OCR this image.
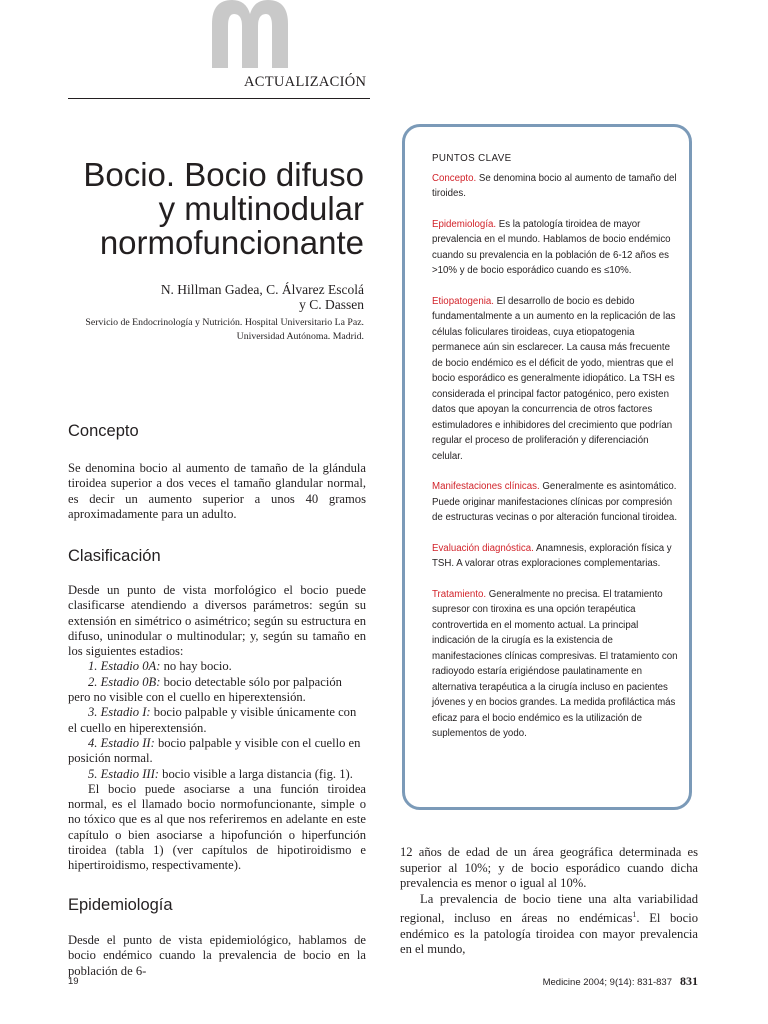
ACTUALIZACIÓN
Bocio. Bocio difuso
y multinodular
normofuncionante
N. Hillman Gadea, C. Álvarez Escolá
y C. Dassen
Servicio de Endocrinología y Nutrición. Hospital Universitario La Paz.
Universidad Autónoma. Madrid.
Concepto

Se denomina bocio al aumento de tamaño de la glándula tiroidea superior a dos veces el tamaño glandular normal, es decir un aumento superior a unos 40 gramos aproximadamente para un adulto.

Clasificación

Desde un punto de vista morfológico el bocio puede clasificarse atendiendo a diversos parámetros: según su extensión en simétrico o asimétrico; según su estructura en difuso, uninodular o multinodular; y, según su tamaño en los siguientes estadios:

1. Estadio 0A: no hay bocio.

2. Estadio 0B: bocio detectable sólo por palpación pero no visible con el cuello en hiperextensión.

3. Estadio I: bocio palpable y visible únicamente con el cuello en hiperextensión.

4. Estadio II: bocio palpable y visible con el cuello en posición normal.

5. Estadio III: bocio visible a larga distancia (fig. 1).

El bocio puede asociarse a una función tiroidea normal, es el llamado bocio normofuncionante, simple o no tóxico que es al que nos referiremos en adelante en este capítulo o bien asociarse a hipofunción o hiperfunción tiroidea (tabla 1) (ver capítulos de hipotiroidismo e hipertiroidismo, respectivamente).

Epidemiología

Desde el punto de vista epidemiológico, hablamos de bocio endémico cuando la prevalencia de bocio en la población de 6-

PUNTOS CLAVE

Concepto. Se denomina bocio al aumento de tamaño del tiroides.

Epidemiología. Es la patología tiroidea de mayor prevalencia en el mundo. Hablamos de bocio endémico cuando su prevalencia en la población de 6-12 años es >10% y de bocio esporádico cuando es ≤10%.

Etiopatogenia. El desarrollo de bocio es debido fundamentalmente a un aumento en la replicación de las células foliculares tiroideas, cuya etiopatogenia permanece aún sin esclarecer. La causa más frecuente de bocio endémico es el déficit de yodo, mientras que el bocio esporádico es generalmente idiopático. La TSH es considerada el principal factor patogénico, pero existen datos que apoyan la concurrencia de otros factores estimuladores e inhibidores del crecimiento que podrían regular el proceso de proliferación y diferenciación celular.

Manifestaciones clínicas. Generalmente es asintomático. Puede originar manifestaciones clínicas por compresión de estructuras vecinas o por alteración funcional tiroidea.

Evaluación diagnóstica. Anamnesis, exploración física y TSH. A valorar otras exploraciones complementarias.

Tratamiento. Generalmente no precisa. El tratamiento supresor con tiroxina es una opción terapéutica controvertida en el momento actual. La principal indicación de la cirugía es la existencia de manifestaciones clínicas compresivas. El tratamiento con radioyodo estaría erigiéndose paulatinamente en alternativa terapéutica a la cirugía incluso en pacientes jóvenes y en bocios grandes. La medida profiláctica más eficaz para el bocio endémico es la utilización de suplementos de yodo.

12 años de edad de un área geográfica determinada es superior al 10%; y de bocio esporádico cuando dicha prevalencia es menor o igual al 10%.

La prevalencia de bocio tiene una alta variabilidad regional, incluso en áreas no endémicas$^1$. El bocio endémico es la patología tiroidea con mayor prevalencia en el mundo,

19	Medicine 2004; 9(14): 831-837 831
